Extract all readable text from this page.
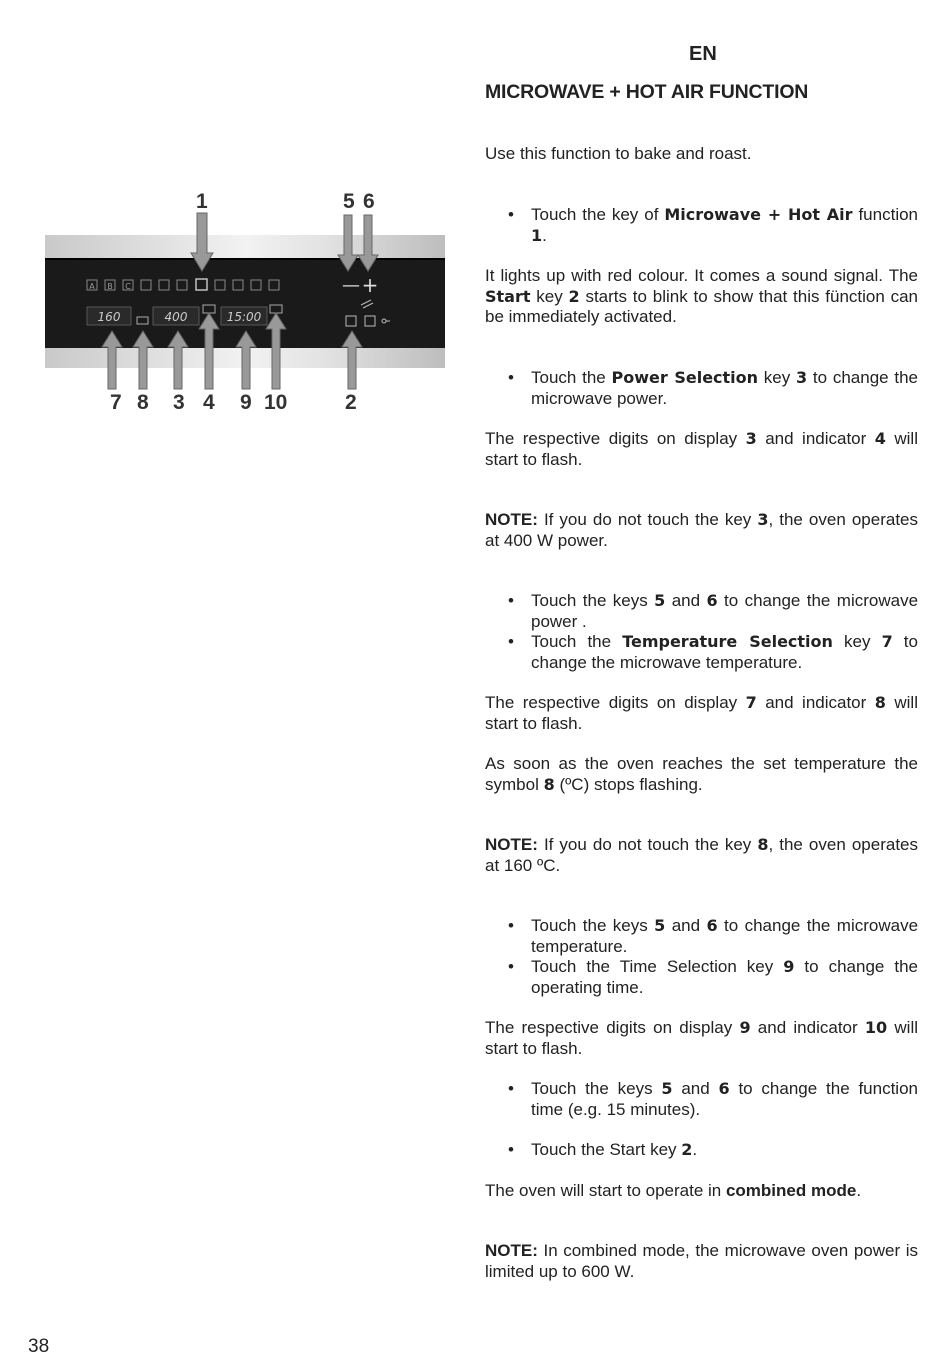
EN
MICROWAVE + HOT AIR FUNCTION
A B C
160	400	15:00
— +
1	5 6
7 8 3 4 9 10	2

Use this function to bake and roast.

• Touch the key of Microwave + Hot Air function 1.

It lights up with red colour. It comes a sound signal. The Start key 2 starts to blink to show that this fünction can be immediately activated.

• Touch the Power Selection key 3 to change the microwave power.

The respective digits on display 3 and indicator 4 will start to flash.

NOTE: If you do not touch the key 3, the oven operates at 400 W power.

• Touch the keys 5 and 6 to change the microwave power .
• Touch the Temperature Selection key 7 to change the microwave temperature.

The respective digits on display 7 and indicator 8 will start to flash.

As soon as the oven reaches the set temperature the symbol 8 (ºC) stops flashing.

NOTE: If you do not touch the key 8, the oven operates at 160 ºC.

• Touch the keys 5 and 6 to change the microwave temperature.
• Touch the Time Selection key 9 to change the operating time.

The respective digits on display 9 and indicator 10 will start to flash.

• Touch the keys 5 and 6 to change the function time (e.g. 15 minutes).
• Touch the Start key 2.

The oven will start to operate in combined mode.

NOTE: In combined mode, the microwave oven power is limited up to 600 W.

38
